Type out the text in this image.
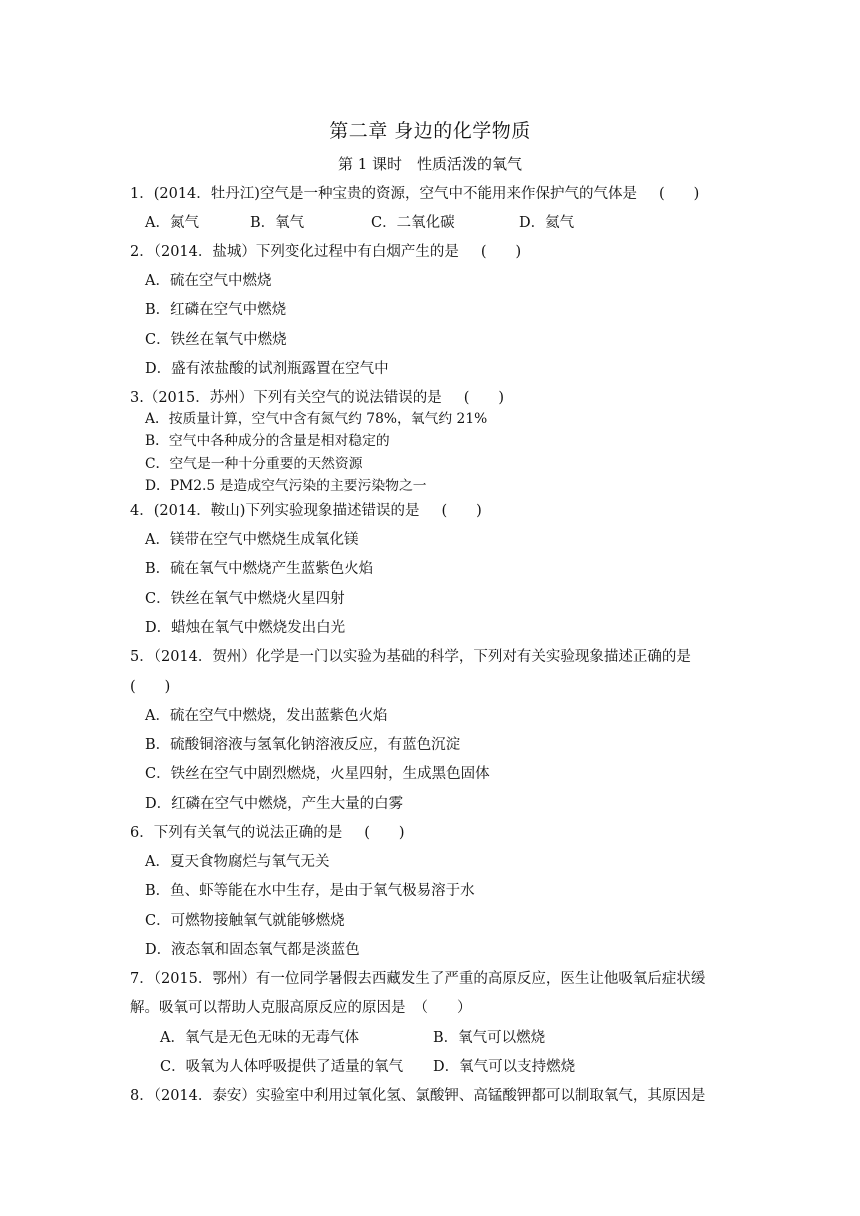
第二章 身边的化学物质
第 1 课时　性质活泼的氧气
1．(2014．牡丹江)空气是一种宝贵的资源，空气中不能用来作保护气的气体是 (　　)
A．氮气	B．氧气	C．二氧化碳	D．氦气
2．（2014．盐城）下列变化过程中有白烟产生的是 (　　)
A．硫在空气中燃烧
B．红磷在空气中燃烧
C．铁丝在氧气中燃烧
D．盛有浓盐酸的试剂瓶露置在空气中
3.（2015．苏州）下列有关空气的说法错误的是 (　　)
A．按质量计算，空气中含有氮气约 78%，氧气约 21%
B．空气中各种成分的含量是相对稳定的
C．空气是一种十分重要的天然资源
D．PM2.5 是造成空气污染的主要污染物之一
4．(2014．鞍山)下列实验现象描述错误的是 (　　)
A．镁带在空气中燃烧生成氧化镁
B．硫在氧气中燃烧产生蓝紫色火焰
C．铁丝在氧气中燃烧火星四射
D．蜡烛在氧气中燃烧发出白光
5．（2014．贺州）化学是一门以实验为基础的科学，下列对有关实验现象描述正确的是
(　　)
A．硫在空气中燃烧，发出蓝紫色火焰
B．硫酸铜溶液与氢氧化钠溶液反应，有蓝色沉淀
C．铁丝在空气中剧烈燃烧，火星四射，生成黑色固体
D．红磷在空气中燃烧，产生大量的白雾
6．下列有关氧气的说法正确的是 (　　)
A．夏天食物腐烂与氧气无关
B．鱼、虾等能在水中生存，是由于氧气极易溶于水
C．可燃物接触氧气就能够燃烧
D．液态氧和固态氧气都是淡蓝色
7．（2015．鄂州）有一位同学暑假去西藏发生了严重的高原反应，医生让他吸氧后症状缓
解。吸氧可以帮助人克服高原反应的原因是 （　　）
A．氧气是无色无味的无毒气体	B．氧气可以燃烧
C．吸氧为人体呼吸提供了适量的氧气 D．氧气可以支持燃烧
8．（2014．泰安）实验室中利用过氧化氢、氯酸钾、高锰酸钾都可以制取氧气，其原因是
